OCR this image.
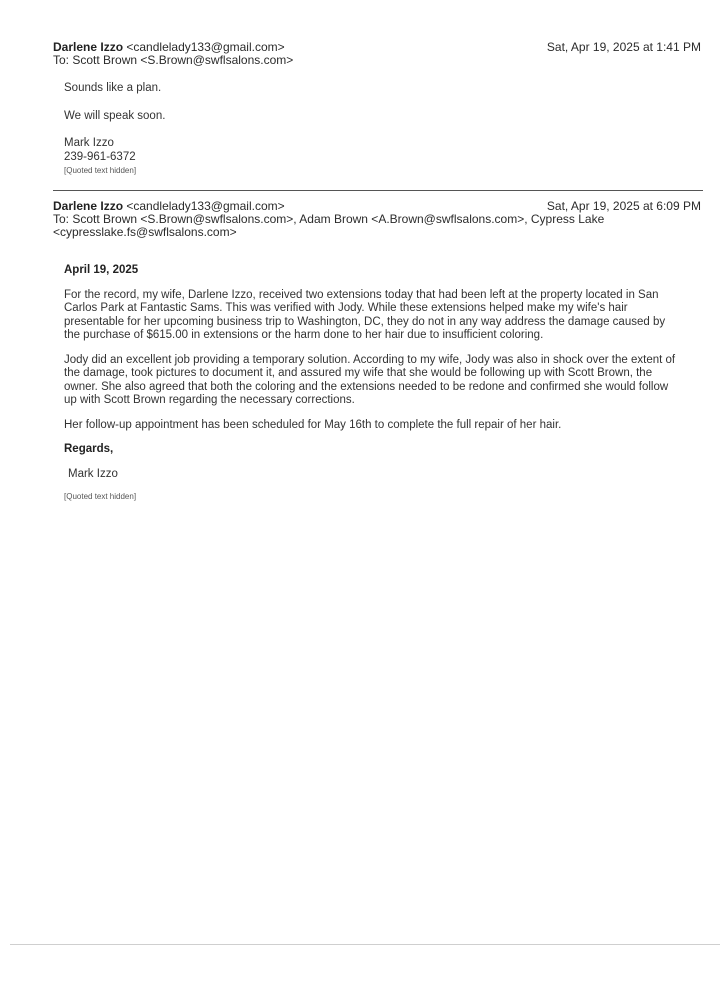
Darlene Izzo <candlelady133@gmail.com>	Sat, Apr 19, 2025 at 1:41 PM
To: Scott Brown <S.Brown@swflsalons.com>

Sounds like a plan.

We will speak soon.

Mark Izzo

239-961-6372

[Quoted text hidden]

Darlene Izzo <candlelady133@gmail.com>	Sat, Apr 19, 2025 at 6:09 PM
To: Scott Brown <S.Brown@swflsalons.com>, Adam Brown <A.Brown@swflsalons.com>, Cypress Lake
<cypresslake.fs@swflsalons.com>

April 19, 2025

For the record, my wife, Darlene Izzo, received two extensions today that had been left at the property located in San

Carlos Park at Fantastic Sams. This was verified with Jody. While these extensions helped make my wife's hair

presentable for her upcoming business trip to Washington, DC, they do not in any way address the damage caused by

the purchase of $615.00 in extensions or the harm done to her hair due to insufficient coloring.

Jody did an excellent job providing a temporary solution. According to my wife, Jody was also in shock over the extent of

the damage, took pictures to document it, and assured my wife that she would be following up with Scott Brown, the

owner. She also agreed that both the coloring and the extensions needed to be redone and confirmed she would follow

up with Scott Brown regarding the necessary corrections.

Her follow-up appointment has been scheduled for May 16th to complete the full repair of her hair.

Regards,

Mark Izzo

[Quoted text hidden]
